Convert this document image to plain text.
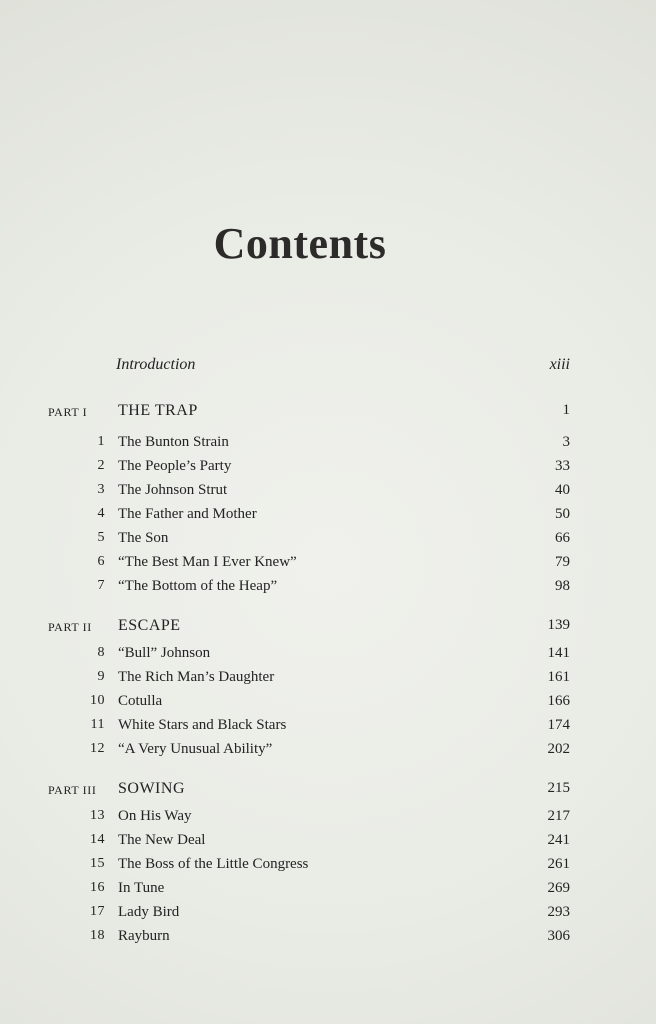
Contents
Introduction	xiii
PART I THE TRAP	1
1 The Bunton Strain	3
2 The People’s Party	33
3 The Johnson Strut	40
4 The Father and Mother	50
5 The Son	66
6 “The Best Man I Ever Knew”	79
7 “The Bottom of the Heap”	98
PART II ESCAPE	139
8 “Bull” Johnson	141
9 The Rich Man’s Daughter	161
10 Cotulla	166
11 White Stars and Black Stars	174
12 “A Very Unusual Ability”	202
PART III SOWING	215
13 On His Way	217
14 The New Deal	241
15 The Boss of the Little Congress	261
16 In Tune	269
17 Lady Bird	293
18 Rayburn	306
